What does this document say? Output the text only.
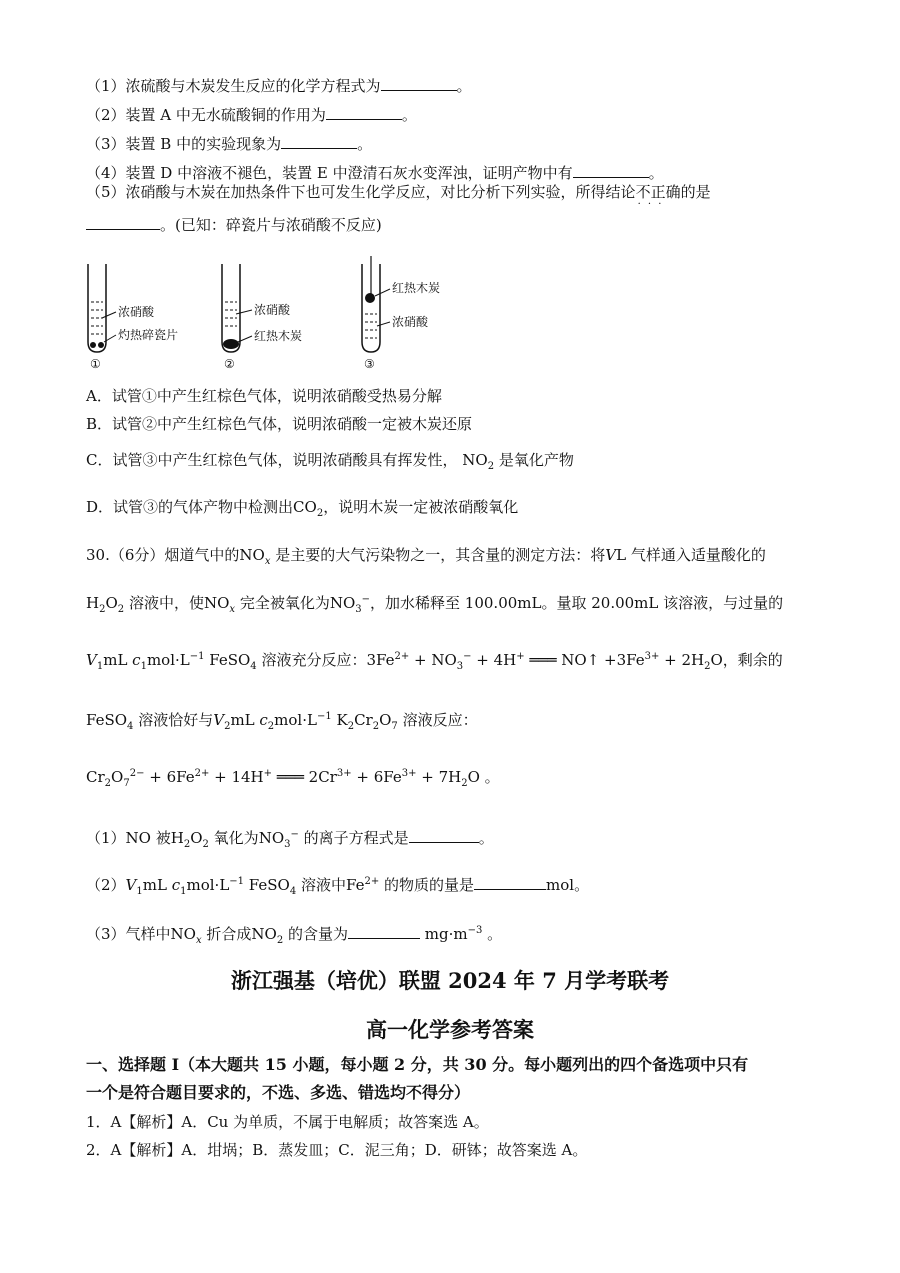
（1）浓硫酸与木炭发生反应的化学方程式为	。
（2）装置 A 中无水硫酸铜的作用为	。
（3）装置 B 中的实验现象为	。
（4）装置 D 中溶液不褪色，装置 E 中澄清石灰水变浑浊，证明产物中有	。
（5）浓硝酸与木炭在加热条件下也可发生化学反应，对比分析下列实验，所得结论不正确 · · ·的是
。(已知：碎瓷片与浓硝酸不反应)
浓硝酸
灼热碎瓷片
①
浓硝酸
红热木炭
②
红热木炭
浓硝酸
③
A．试管①中产生红棕色气体，说明浓硝酸受热易分解
B．试管②中产生红棕色气体，说明浓硝酸一定被木炭还原
C．试管③中产生红棕色气体，说明浓硝酸具有挥发性， $NO_2$ 是氧化产物
D．试管③的气体产物中检测出$CO_2$，说明木炭一定被浓硝酸氧化
30.（6分）烟道气中的$NO_x$ 是主要的大气污染物之一，其含量的测定方法：将VL 气样通入适量酸化的
$H_2O_2$ 溶液中，使$NO_x$ 完全被氧化为$NO_3^-$，加水稀释至 100.00mL。量取 20.00mL 该溶液，与过量的
$V_1mL$ $c_1mol\cdot L^{-1}$ FeSO$_4$ 溶液充分反应：$3Fe^{2+} + NO_3^- + 4H^+$ ═══ NO↑ $+3Fe^{3+} + 2H_2O$，剩余的
FeSO$_4$ 溶液恰好与$V_2mL$ $c_2mol\cdot L^{-1}$ $K_2Cr_2O_7$ 溶液反应：
$Cr_2O_7^{2-} + 6Fe^{2+} + 14H^+$ ═══ $2Cr^{3+} + 6Fe^{3+} + 7H_2O$ 。
（1）NO 被$H_2O_2$ 氧化为$NO_3^-$ 的离子方程式是	。
$(2)V_1mL$ $c_1mol\cdot L^{-1}$ FeSO$_4$ 溶液中$Fe^{2+}$ 的物质的量是	mol。
（3）气样中$NO_x$ 折合成$NO_2$ 的含量为	$mg\cdot m^{-3}$ 。
浙江强基（培优）联盟 2024 年 7 月学考联考
高一化学参考答案
一、选择题 I（本大题共 15 小题，每小题 2 分，共 30 分。每小题列出的四个备选项中只有
一个是符合题目要求的，不选、多选、错选均不得分）
1．A【解析】A．Cu 为单质，不属于电解质；故答案选 A。
2．A【解析】A．坩埚；B．蒸发皿；C．泥三角；D．研钵；故答案选 A。
